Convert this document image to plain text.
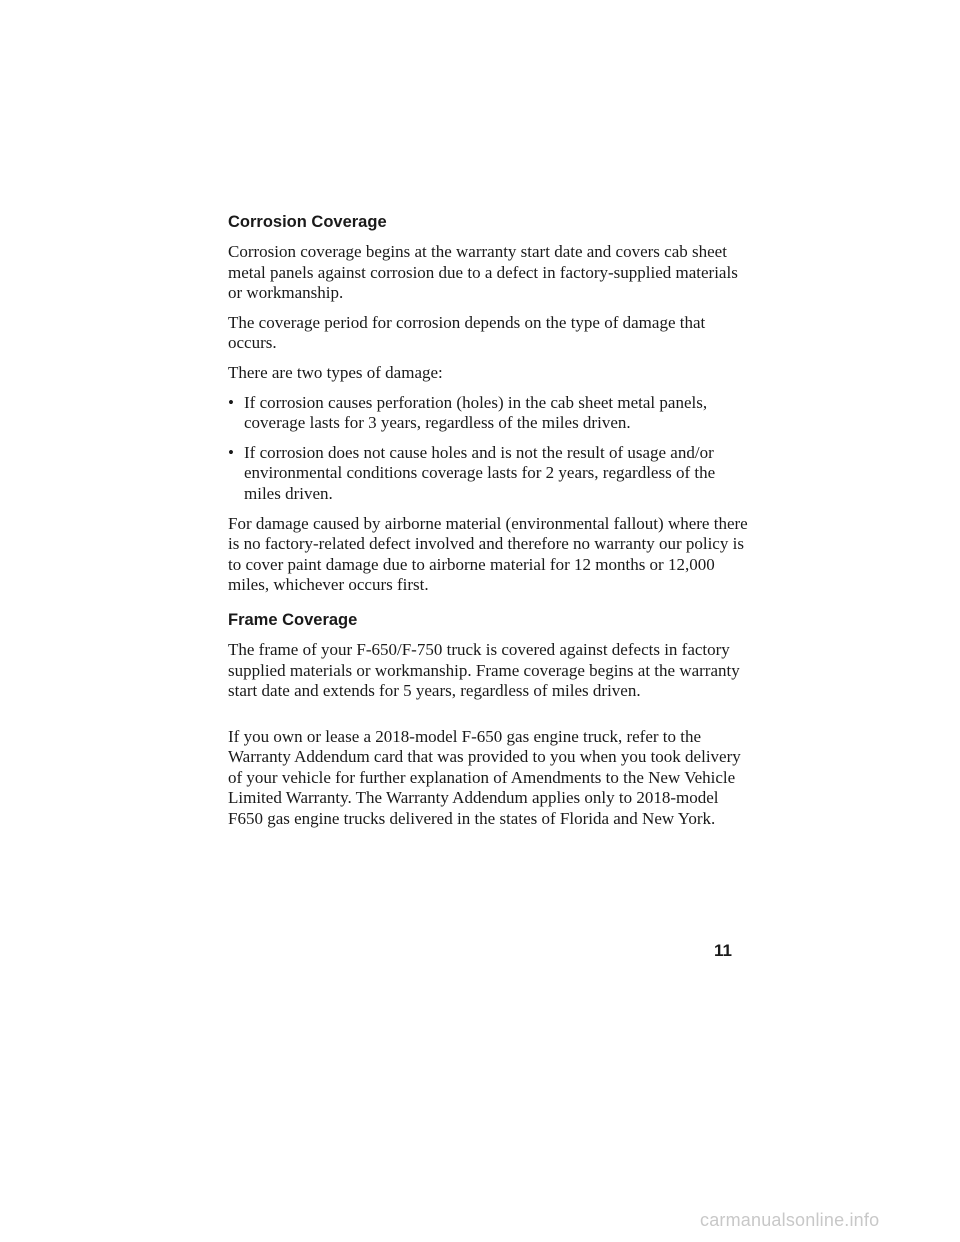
Corrosion Coverage

Corrosion coverage begins at the warranty start date and covers cab sheet metal panels against corrosion due to a defect in factory-supplied materials or workmanship.

The coverage period for corrosion depends on the type of damage that occurs.

There are two types of damage:

• If corrosion causes perforation (holes) in the cab sheet metal panels, coverage lasts for 3 years, regardless of the miles driven.
• If corrosion does not cause holes and is not the result of usage and/or environmental conditions coverage lasts for 2 years, regardless of the miles driven.

For damage caused by airborne material (environmental fallout) where there is no factory-related defect involved and therefore no warranty our policy is to cover paint damage due to airborne material for 12 months or 12,000 miles, whichever occurs first.

Frame Coverage

The frame of your F-650/F-750 truck is covered against defects in factory supplied materials or workmanship. Frame coverage begins at the warranty start date and extends for 5 years, regardless of miles driven.

If you own or lease a 2018-model F-650 gas engine truck, refer to the Warranty Addendum card that was provided to you when you took delivery of your vehicle for further explanation of Amendments to the New Vehicle Limited Warranty. The Warranty Addendum applies only to 2018-model F650 gas engine trucks delivered in the states of Florida and New York.

11
carmanualsonline.info
